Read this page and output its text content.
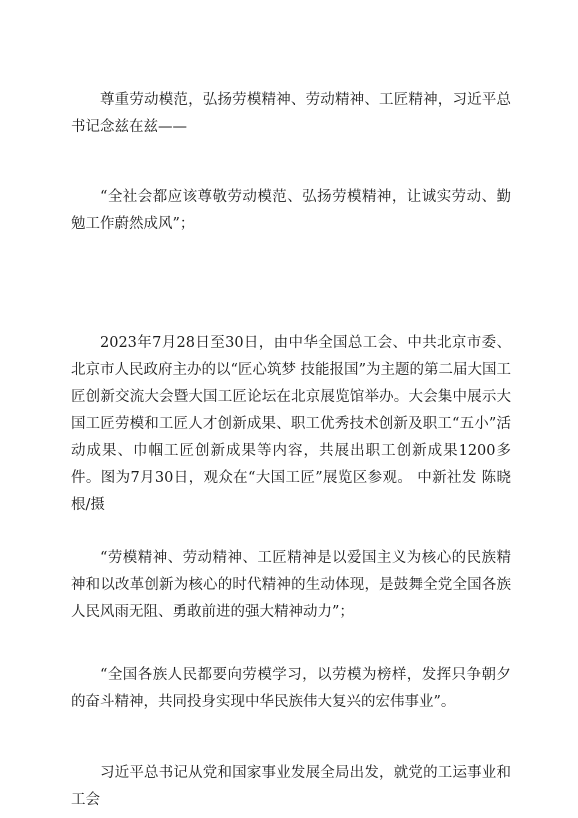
尊重劳动模范，弘扬劳模精神、劳动精神、工匠精神，习近平总书记念兹在兹——

“全社会都应该尊敬劳动模范、弘扬劳模精神，让诚实劳动、勤勉工作蔚然成风”；

2023年7月28日至30日，由中华全国总工会、中共北京市委、北京市人民政府主办的以“匠心筑梦 技能报国”为主题的第二届大国工匠创新交流大会暨大国工匠论坛在北京展览馆举办。大会集中展示大国工匠劳模和工匠人才创新成果、职工优秀技术创新及职工“五小”活动成果、巾帼工匠创新成果等内容，共展出职工创新成果1200多件。图为7月30日，观众在“大国工匠”展览区参观。 中新社发 陈晓根/摄

“劳模精神、劳动精神、工匠精神是以爱国主义为核心的民族精神和以改革创新为核心的时代精神的生动体现，是鼓舞全党全国各族人民风雨无阻、勇敢前进的强大精神动力”；

“全国各族人民都要向劳模学习，以劳模为榜样，发挥只争朝夕的奋斗精神，共同投身实现中华民族伟大复兴的宏伟事业”。

习近平总书记从党和国家事业发展全局出发，就党的工运事业和工会
